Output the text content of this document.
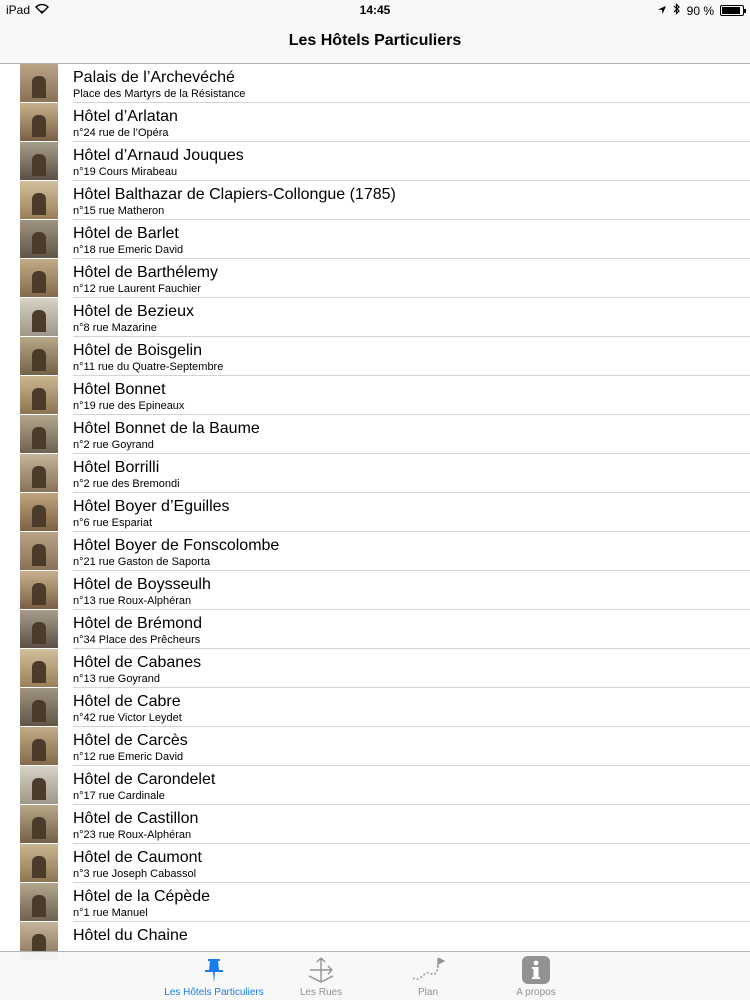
iPad	14:45	90 %
Les Hôtels Particuliers
Palais de l’Archevéché
Place des Martyrs de la Résistance
Hôtel d’Arlatan
n°24 rue de l’Opéra
Hôtel d’Arnaud Jouques
n°19 Cours Mirabeau
Hôtel Balthazar de Clapiers-Collongue (1785)
n°15 rue Matheron
Hôtel de Barlet
n°18 rue Emeric David
Hôtel de Barthélemy
n°12 rue Laurent Fauchier
Hôtel de Bezieux
n°8 rue Mazarine
Hôtel de Boisgelin
n°11 rue du Quatre-Septembre
Hôtel Bonnet
n°19 rue des Epineaux
Hôtel Bonnet de la Baume
n°2 rue Goyrand
Hôtel Borrilli
n°2 rue des Bremondi
Hôtel Boyer d’Eguilles
n°6 rue Espariat
Hôtel Boyer de Fonscolombe
n°21 rue Gaston de Saporta
Hôtel de Boysseulh
n°13 rue Roux-Alphéran
Hôtel de Brémond
n°34 Place des Prêcheurs
Hôtel de Cabanes
n°13 rue Goyrand
Hôtel de Cabre
n°42 rue Victor Leydet
Hôtel de Carcès
n°12 rue Emeric David
Hôtel de Carondelet
n°17 rue Cardinale
Hôtel de Castillon
n°23 rue Roux-Alphéran
Hôtel de Caumont
n°3 rue Joseph Cabassol
Hôtel de la Cépède
n°1 rue Manuel
Hôtel du Chaine
Les Hôtels Particuliers	Les Rues	Plan	A propos
